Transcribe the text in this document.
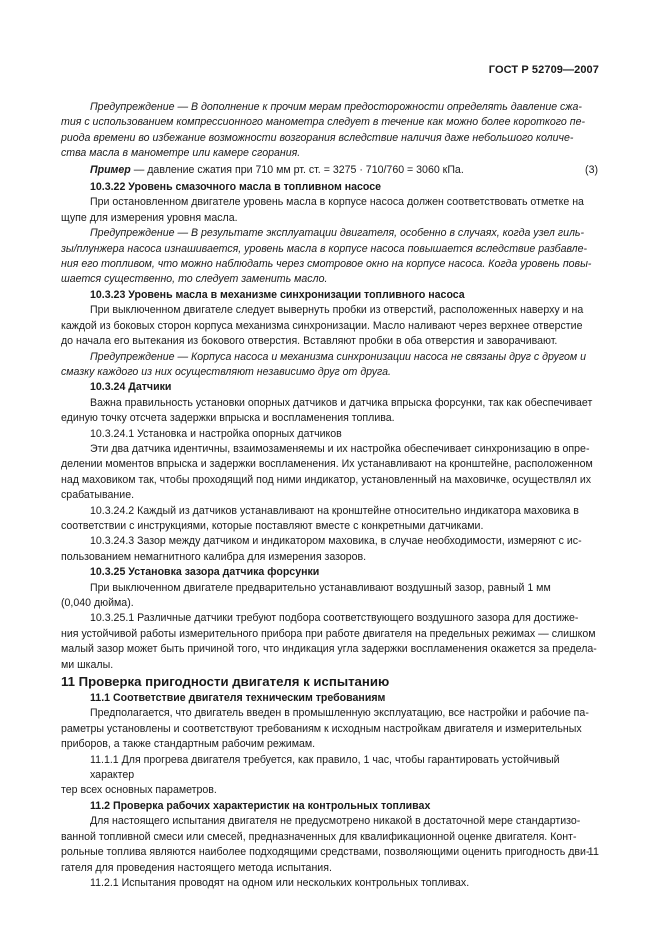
ГОСТ Р 52709—2007

Предупреждение — В дополнение к прочим мерам предосторожности определять давление сжа-

тия с использованием компрессионного манометра следует в течение как можно более короткого пе-

риода времени во избежание возможности возгорания вследствие наличия даже небольшого количе-

ства масла в манометре или камере сгорания.

Пример — давление сжатия при 710 мм рт. ст. = 3275 · 710/760 = 3060 кПа.	(3)

10.3.22 Уровень смазочного масла в топливном насосе

При остановленном двигателе уровень масла в корпусе насоса должен соответствовать отметке на

щупе для измерения уровня масла.

Предупреждение — В результате эксплуатации двигателя, особенно в случаях, когда узел гиль-

зы/плунжера насоса изнашивается, уровень масла в корпусе насоса повышается вследствие разбавле-

ния его топливом, что можно наблюдать через смотровое окно на корпусе насоса. Когда уровень повы-

шается существенно, то следует заменить масло.

10.3.23 Уровень масла в механизме синхронизации топливного насоса

При выключенном двигателе следует вывернуть пробки из отверстий, расположенных наверху и на

каждой из боковых сторон корпуса механизма синхронизации. Масло наливают через верхнее отверстие

до начала его вытекания из бокового отверстия. Вставляют пробки в оба отверстия и заворачивают.

Предупреждение — Корпуса насоса и механизма синхронизации насоса не связаны друг с другом и

смазку каждого из них осуществляют независимо друг от друга.

10.3.24 Датчики

Важна правильность установки опорных датчиков и датчика впрыска форсунки, так как обеспечивает

единую точку отсчета задержки впрыска и воспламенения топлива.

10.3.24.1 Установка и настройка опорных датчиков

Эти два датчика идентичны, взаимозаменяемы и их настройка обеспечивает синхронизацию в опре-

делении моментов впрыска и задержки воспламенения. Их устанавливают на кронштейне, расположенном

над маховиком так, чтобы проходящий под ними индикатор, установленный на маховичке, осуществлял их

срабатывание.

10.3.24.2 Каждый из датчиков устанавливают на кронштейне относительно индикатора маховика в

соответствии с инструкциями, которые поставляют вместе с конкретными датчиками.

10.3.24.3 Зазор между датчиком и индикатором маховика, в случае необходимости, измеряют с ис-

пользованием немагнитного калибра для измерения зазоров.

10.3.25 Установка зазора датчика форсунки

При выключенном двигателе предварительно устанавливают воздушный зазор, равный 1 мм

(0,040 дюйма).

10.3.25.1 Различные датчики требуют подбора соответствующего воздушного зазора для достиже-

ния устойчивой работы измерительного прибора при работе двигателя на предельных режимах — слишком

малый зазор может быть причиной того, что индикация угла задержки воспламенения окажется за предела-

ми шкалы.

11 Проверка пригодности двигателя к испытанию

11.1 Соответствие двигателя техническим требованиям

Предполагается, что двигатель введен в промышленную эксплуатацию, все настройки и рабочие па-

раметры установлены и соответствуют требованиям к исходным настройкам двигателя и измерительных

приборов, а также стандартным рабочим режимам.

11.1.1 Для прогрева двигателя требуется, как правило, 1 час, чтобы гарантировать устойчивый характер

тер всех основных параметров.

11.2 Проверка рабочих характеристик на контрольных топливах

Для настоящего испытания двигателя не предусмотрено никакой в достаточной мере стандартизо-

ванной топливной смеси или смесей, предназначенных для квалификационной оценке двигателя. Конт-

рольные топлива являются наиболее подходящими средствами, позволяющими оценить пригодность дви-

гателя для проведения настоящего метода испытания.

11.2.1 Испытания проводят на одном или нескольких контрольных топливах.

11
